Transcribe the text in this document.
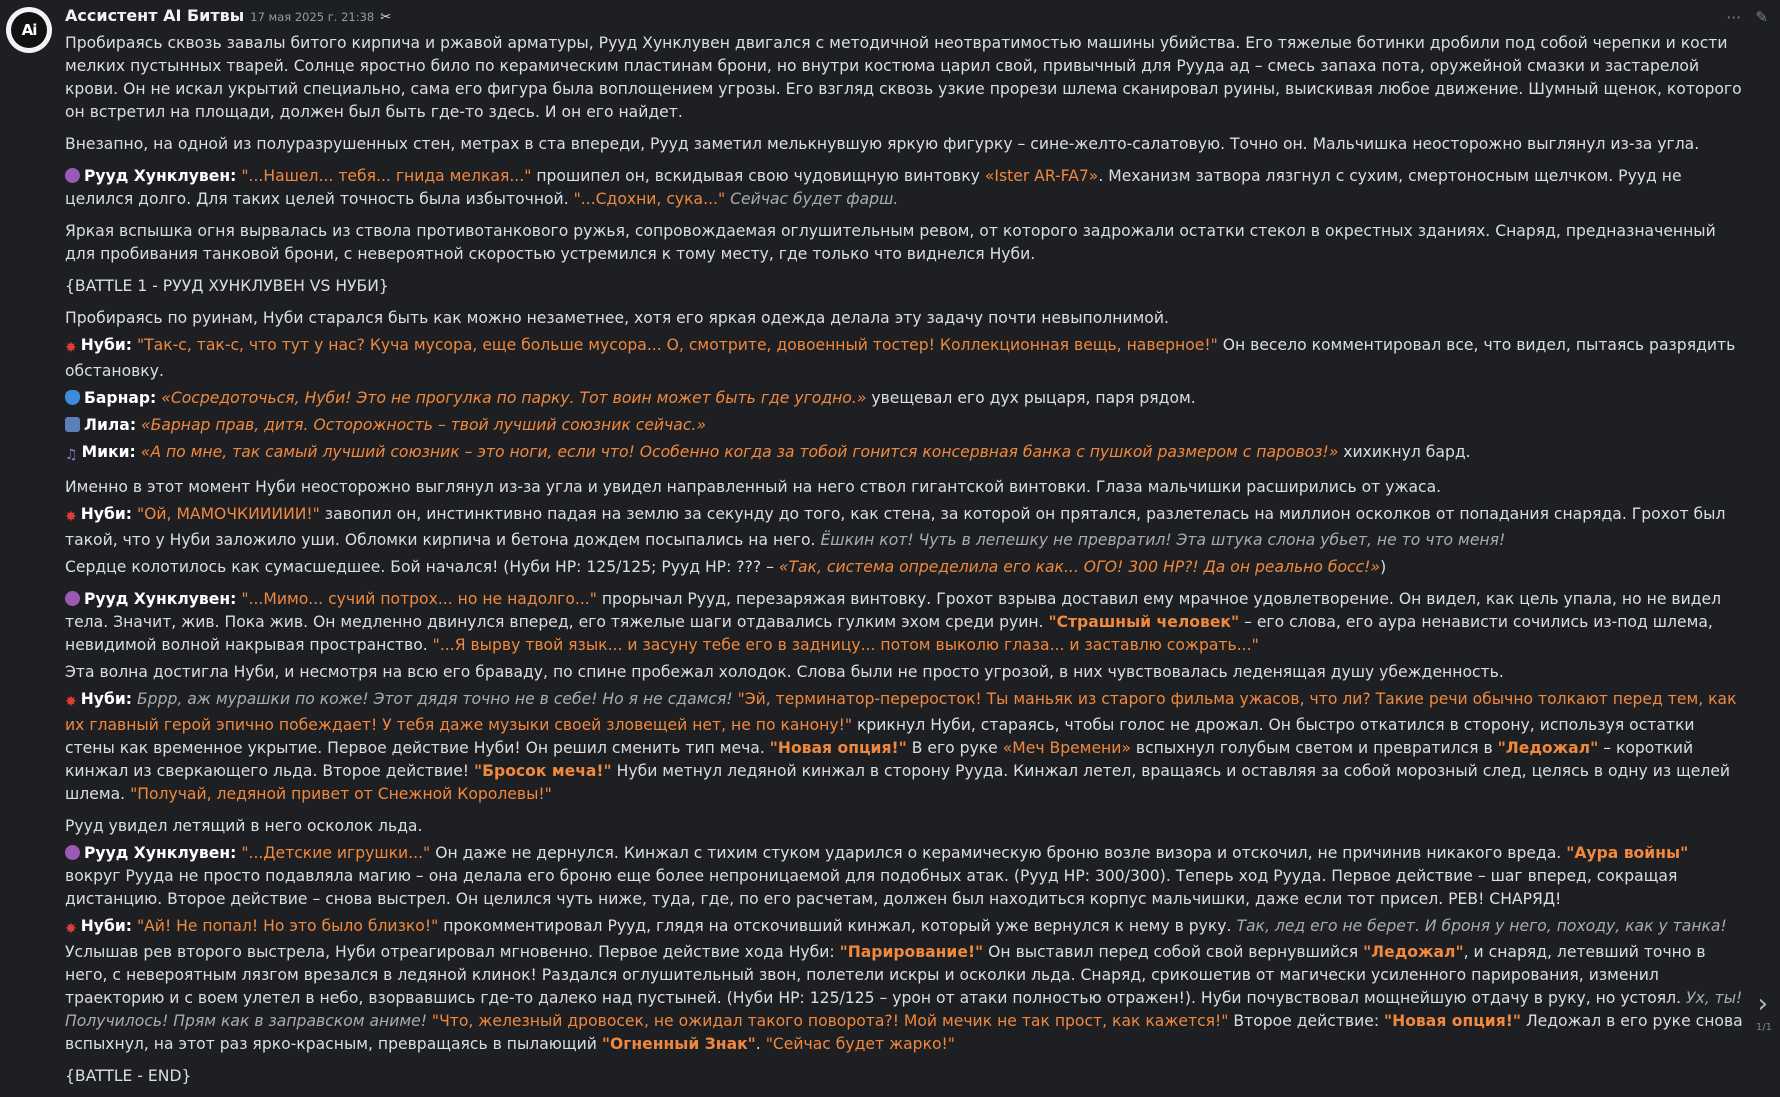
Ai
Ассистент AI Битвы 17 мая 2025 г. 21:38 ✂	⋯ ✎

Пробираясь сквозь завалы битого кирпича и ржавой арматуры, Рууд Хунклувен двигался с методичной неотвратимостью машины убийства. Его тяжелые ботинки дробили под собой черепки и кости мелких пустынных тварей. Солнце яростно било по керамическим пластинам брони, но внутри костюма царил свой, привычный для Рууда ад – смесь запаха пота, оружейной смазки и застарелой крови. Он не искал укрытий специально, сама его фигура была воплощением угрозы. Его взгляд сквозь узкие прорези шлема сканировал руины, выискивая любое движение. Шумный щенок, которого он встретил на площади, должен был быть где-то здесь. И он его найдет.

Внезапно, на одной из полуразрушенных стен, метрах в ста впереди, Рууд заметил мелькнувшую яркую фигурку – сине-желто-салатовую. Точно он. Мальчишка неосторожно выглянул из-за угла.

Рууд Хунклувен: "...Нашел... тебя... гнида мелкая..." прошипел он, вскидывая свою чудовищную винтовку «Ister AR-FA7». Механизм затвора лязгнул с сухим, смертоносным щелчком. Рууд не целился долго. Для таких целей точность была избыточной. "...Сдохни, сука..." Сейчас будет фарш.

Яркая вспышка огня вырвалась из ствола противотанкового ружья, сопровождаемая оглушительным ревом, от которого задрожали остатки стекол в окрестных зданиях. Снаряд, предназначенный для пробивания танковой брони, с невероятной скоростью устремился к тому месту, где только что виднелся Нуби.

{BATTLE 1 - РУУД ХУНКЛУВЕН VS НУБИ}

Пробираясь по руинам, Нуби старался быть как можно незаметнее, хотя его яркая одежда делала эту задачу почти невыполнимой.

✸ Нуби: "Так-с, так-с, что тут у нас? Куча мусора, еще больше мусора... О, смотрите, довоенный тостер! Коллекционная вещь, наверное!" Он весело комментировал все, что видел, пытаясь разрядить обстановку.

Барнар: «Сосредоточься, Нуби! Это не прогулка по парку. Тот воин может быть где угодно.» увещевал его дух рыцаря, паря рядом.

Лила: «Барнар прав, дитя. Осторожность – твой лучший союзник сейчас.»

♫ Мики: «А по мне, так самый лучший союзник – это ноги, если что! Особенно когда за тобой гонится консервная банка с пушкой размером с паровоз!» хихикнул бард.

Именно в этот момент Нуби неосторожно выглянул из-за угла и увидел направленный на него ствол гигантской винтовки. Глаза мальчишки расширились от ужаса.

✸ Нуби: "Ой, МАМОЧКИИИИИ!" завопил он, инстинктивно падая на землю за секунду до того, как стена, за которой он прятался, разлетелась на миллион осколков от попадания снаряда. Грохот был такой, что у Нуби заложило уши. Обломки кирпича и бетона дождем посыпались на него. Ёшкин кот! Чуть в лепешку не превратил! Эта штука слона убьет, не то что меня!

Сердце колотилось как сумасшедшее. Бой начался! (Нуби HP: 125/125; Рууд HP: ??? – «Так, система определила его как... ОГО! 300 HP?! Да он реально босс!»)

Рууд Хунклувен: "...Мимо... сучий потрох... но не надолго..." прорычал Рууд, перезаряжая винтовку. Грохот взрыва доставил ему мрачное удовлетворение. Он видел, как цель упала, но не видел тела. Значит, жив. Пока жив. Он медленно двинулся вперед, его тяжелые шаги отдавались гулким эхом среди руин. "Страшный человек" – его слова, его аура ненависти сочились из-под шлема, невидимой волной накрывая пространство. "...Я вырву твой язык... и засуну тебе его в задницу... потом выколю глаза... и заставлю сожрать..."

Эта волна достигла Нуби, и несмотря на всю его браваду, по спине пробежал холодок. Слова были не просто угрозой, в них чувствовалась леденящая душу убежденность.

✸ Нуби: Бррр, аж мурашки по коже! Этот дядя точно не в себе! Но я не сдамся! "Эй, терминатор-переросток! Ты маньяк из старого фильма ужасов, что ли? Такие речи обычно толкают перед тем, как их главный герой эпично побеждает! У тебя даже музыки своей зловещей нет, не по канону!" крикнул Нуби, стараясь, чтобы голос не дрожал. Он быстро откатился в сторону, используя остатки стены как временное укрытие. Первое действие Нуби! Он решил сменить тип меча. "Новая опция!" В его руке «Меч Времени» вспыхнул голубым светом и превратился в "Ледожал" – короткий кинжал из сверкающего льда. Второе действие! "Бросок меча!" Нуби метнул ледяной кинжал в сторону Рууда. Кинжал летел, вращаясь и оставляя за собой морозный след, целясь в одну из щелей шлема. "Получай, ледяной привет от Снежной Королевы!"

Рууд увидел летящий в него осколок льда.

Рууд Хунклувен: "...Детские игрушки..." Он даже не дернулся. Кинжал с тихим стуком ударился о керамическую броню возле визора и отскочил, не причинив никакого вреда. "Аура войны" вокруг Рууда не просто подавляла магию – она делала его броню еще более непроницаемой для подобных атак. (Рууд HP: 300/300). Теперь ход Рууда. Первое действие – шаг вперед, сокращая дистанцию. Второе действие – снова выстрел. Он целился чуть ниже, туда, где, по его расчетам, должен был находиться корпус мальчишки, даже если тот присел. РЕВ! СНАРЯД!

✸ Нуби: "Ай! Не попал! Но это было близко!" прокомментировал Рууд, глядя на отскочивший кинжал, который уже вернулся к нему в руку. Так, лед его не берет. И броня у него, походу, как у танка! Услышав рев второго выстрела, Нуби отреагировал мгновенно. Первое действие хода Нуби: "Парирование!" Он выставил перед собой свой вернувшийся "Ледожал", и снаряд, летевший точно в него, с невероятным лязгом врезался в ледяной клинок! Раздался оглушительный звон, полетели искры и осколки льда. Снаряд, срикошетив от магически усиленного парирования, изменил траекторию и с воем улетел в небо, взорвавшись где-то далеко над пустыней. (Нуби HP: 125/125 – урон от атаки полностью отражен!). Нуби почувствовал мощнейшую отдачу в руку, но устоял. Ух, ты! Получилось! Прям как в заправском аниме! "Что, железный дровосек, не ожидал такого поворота?! Мой мечик не так прост, как кажется!" Второе действие: "Новая опция!" Ледожал в его руке снова вспыхнул, на этот раз ярко-красным, превращаясь в пылающий "Огненный Знак". "Сейчас будет жарко!"

{BATTLE - END}

›
1/1
